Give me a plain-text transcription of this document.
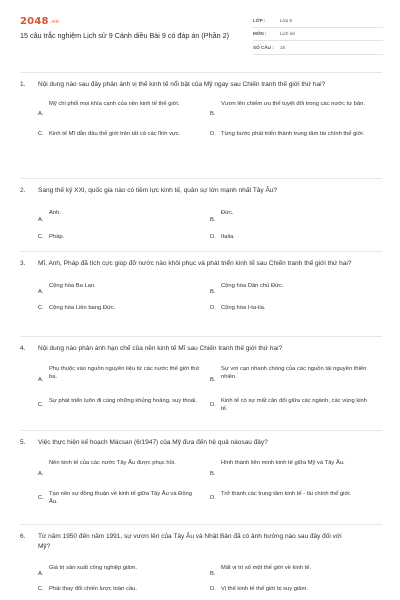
2048.vn
15 câu trắc nghiệm Lịch sử 9 Cánh diều Bài 9 có đáp án (Phần 2)
LỚP :	Lớp 9
MÔN :	Lịch sử
SỐ CÂU :	15
1.	Nội dung nào sau đây phản ánh vị thế kinh tế nổi bật của Mỹ ngay sau Chiến tranh thế giới thứ hai?
A.
Mỹ chi phối mọi khía cạnh của nền kinh tế thế giới.
B.
Vươn lên chiếm ưu thế tuyệt đối trong các nước tư bản.
C. Kinh tế Mĩ dẫn đầu thế giới trên tất cả các lĩnh vực.	D. Từng bước phát triển thành trung tâm tài chính thế giới.
2.	Sang thế kỷ XXI, quốc gia nào có tiềm lực kinh tế, quân sự lớn mạnh nhất Tây Âu?
A.
Anh.
B.
Đức.
C. Pháp.	D. Italia.
3.	Mĩ, Anh, Pháp đã tích cực giúp đỡ nước nào khôi phục và phát triển kinh tế sau Chiến tranh thế giới thứ hai?
A.
Cộng hòa Ba Lan.
B.
Cộng hòa Dân chủ Đức.
C. Cộng hòa Liên bang Đức.	D. Cộng hòa I-ta-lia.
4.	Nội dung nào phản ánh hạn chế của nền kinh tế Mĩ sau Chiến tranh thế giới thứ hai?
A.
Phụ thuộc vào nguồn nguyên liệu từ các nước thế giới thứ ba.
B.
Sự vơi cạn nhanh chóng của các nguồn tài nguyên thiên nhiên.
C.
Sự phát triển luôn đi cùng những khủng hoảng, suy thoái.
D.
Kinh tế có sự mất cân đối giữa các ngành, các vùng kinh tế.
5.	Việc thực hiện kế hoạch Mácsan (6/1947) của Mỹ đưa đến hệ quả nàosau đây?
A.
Nền kinh tế của các nước Tây Âu được phục hồi.
B.
Hình thành liên minh kinh tế giữa Mỹ và Tây Âu.
C.
Tạo nên sự đồng thuận về kinh tế giữa Tây Âu và Đông Âu.
D.
Trở thành các trung tâm kinh tế - tài chính thế giới.
6.	Từ năm 1950 đến năm 1991, sự vươn lên của Tây Âu và Nhật Bản đã có ảnh hưởng nào sau đây đối với Mỹ?
A.
Giá trị sản xuất công nghiệp giảm.
B.
Mất vị trí số một thế giới về kinh tế.
C. Phải thay đổi chiến lược toàn cầu.	D. Vị thế kinh tế thế giới bị suy giảm.
